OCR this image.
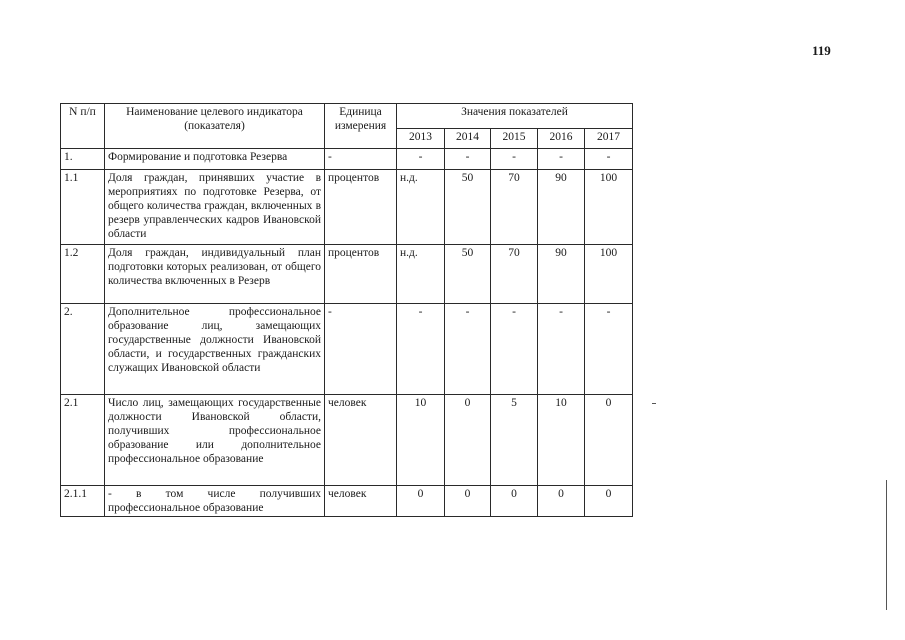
119
N п/п	Наименование целевого индикатора (показателя)	Единица измерения	Значения показателей				
			2013	2014	2015	2016	2017
1.	Формирование и подготовка Резерва	-	-	-	-	-	-
1.1	Доля граждан, принявших участие в мероприятиях по подготовке Резерва, от общего количества граждан, включенных в резерв управленческих кадров Ивановской области	процентов	н.д.	50	70	90	100
1.2	Доля граждан, индивидуальный план подготовки которых реализован, от общего количества включенных в Резерв	процентов	н.д.	50	70	90	100
2.	Дополнительное профессиональное образование лиц, замещающих государственные должности Ивановской области, и государственных гражданских служащих Ивановской области	-	-	-	-	-	-
2.1	Число лиц, замещающих государственные должности Ивановской области, получивших профессиональное образование или дополнительное профессиональное образование	человек	10	0	5	10	0
2.1.1	- в том числе получивших профессиональное образование	человек	0	0	0	0	0
